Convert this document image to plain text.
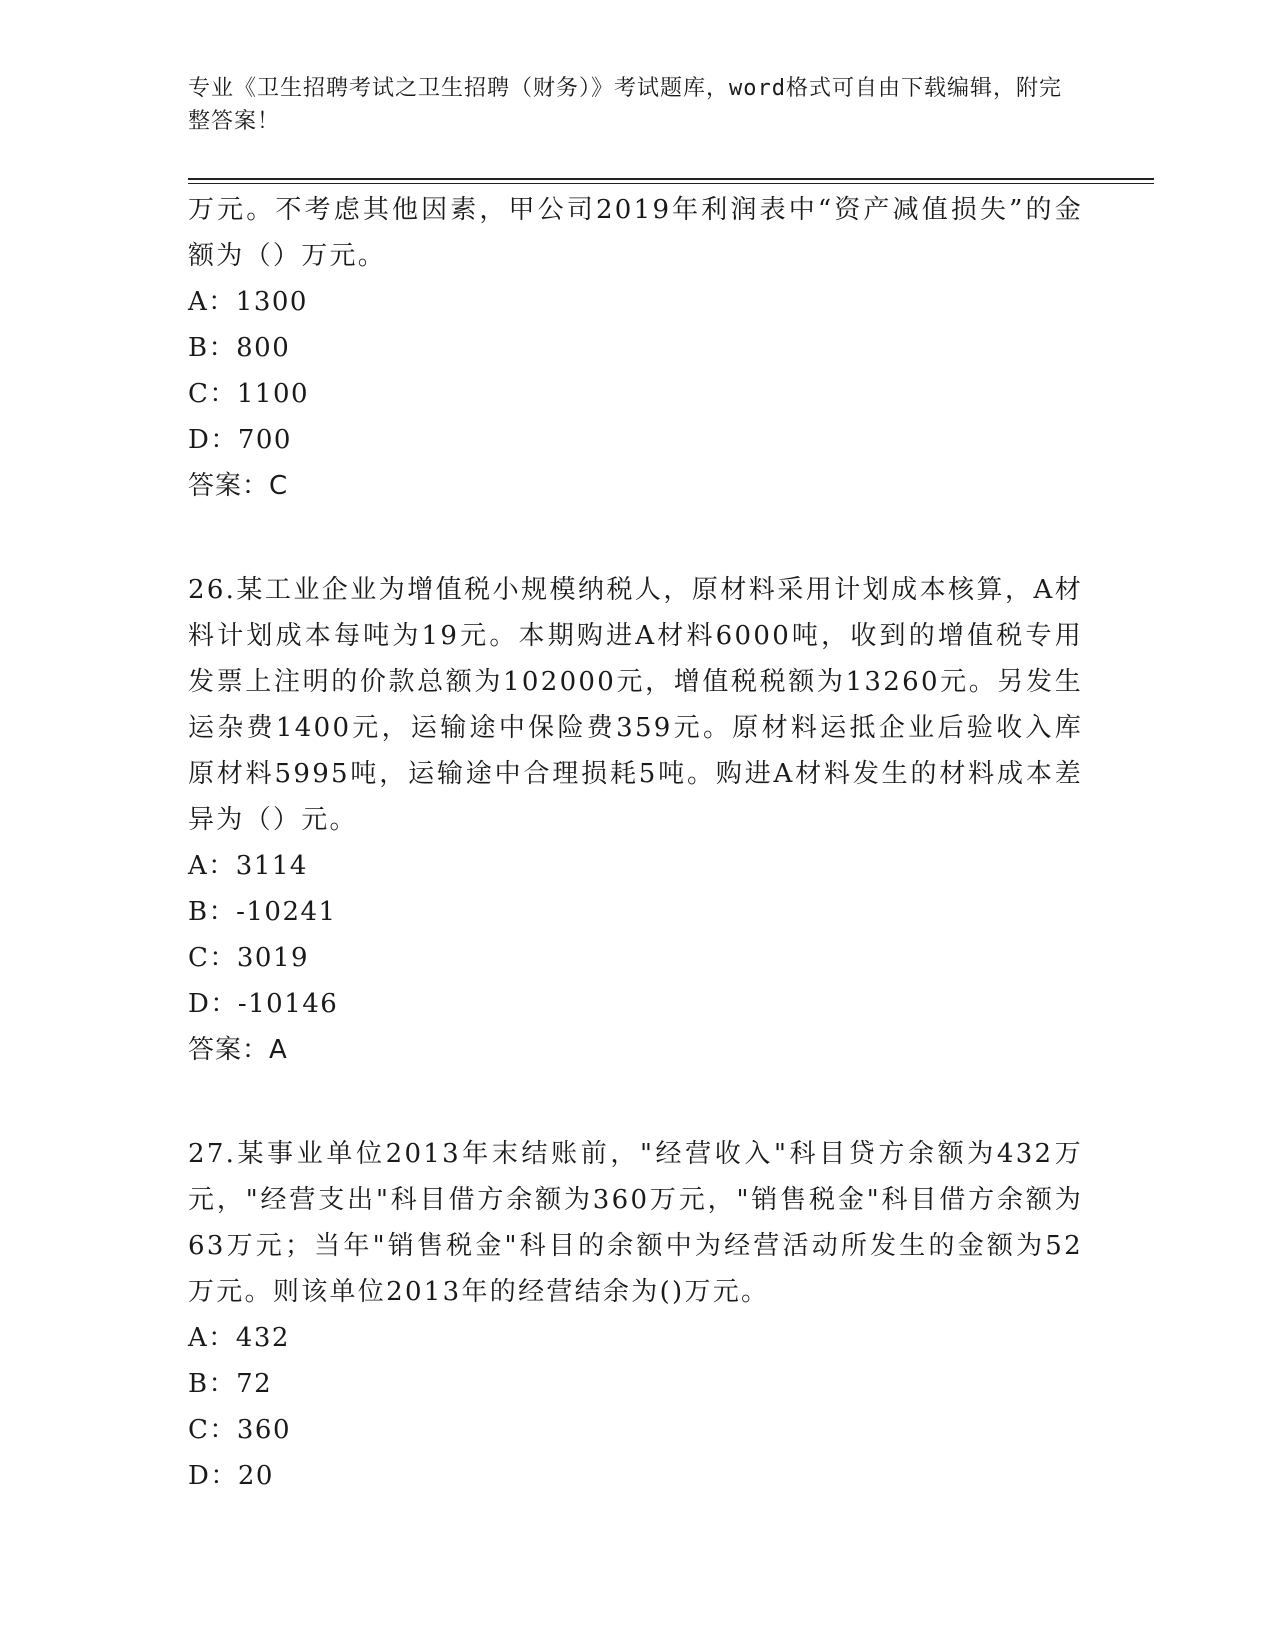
专业《卫生招聘考试之卫生招聘（财务）》考试题库，word格式可自由下载编辑，附完整答案！

万元。不考虑其他因素，甲公司2019年利润表中“资产减值损失”的金额为（）万元。

A：1300

B：800

C：1100

D：700

答案：C

26.某工业企业为增值税小规模纳税人，原材料采用计划成本核算，A材料计划成本每吨为19元。本期购进A材料6000吨，收到的增值税专用发票上注明的价款总额为102000元，增值税税额为13260元。另发生运杂费1400元，运输途中保险费359元。原材料运抵企业后验收入库原材料5995吨，运输途中合理损耗5吨。购进A材料发生的材料成本差异为（）元。

A：3114

B：-10241

C：3019

D：-10146

答案：A

27.某事业单位2013年末结账前，"经营收入"科目贷方余额为432万元，"经营支出"科目借方余额为360万元，"销售税金"科目借方余额为63万元；当年"销售税金"科目的余额中为经营活动所发生的金额为52万元。则该单位2013年的经营结余为()万元。

A：432

B：72

C：360

D：20
